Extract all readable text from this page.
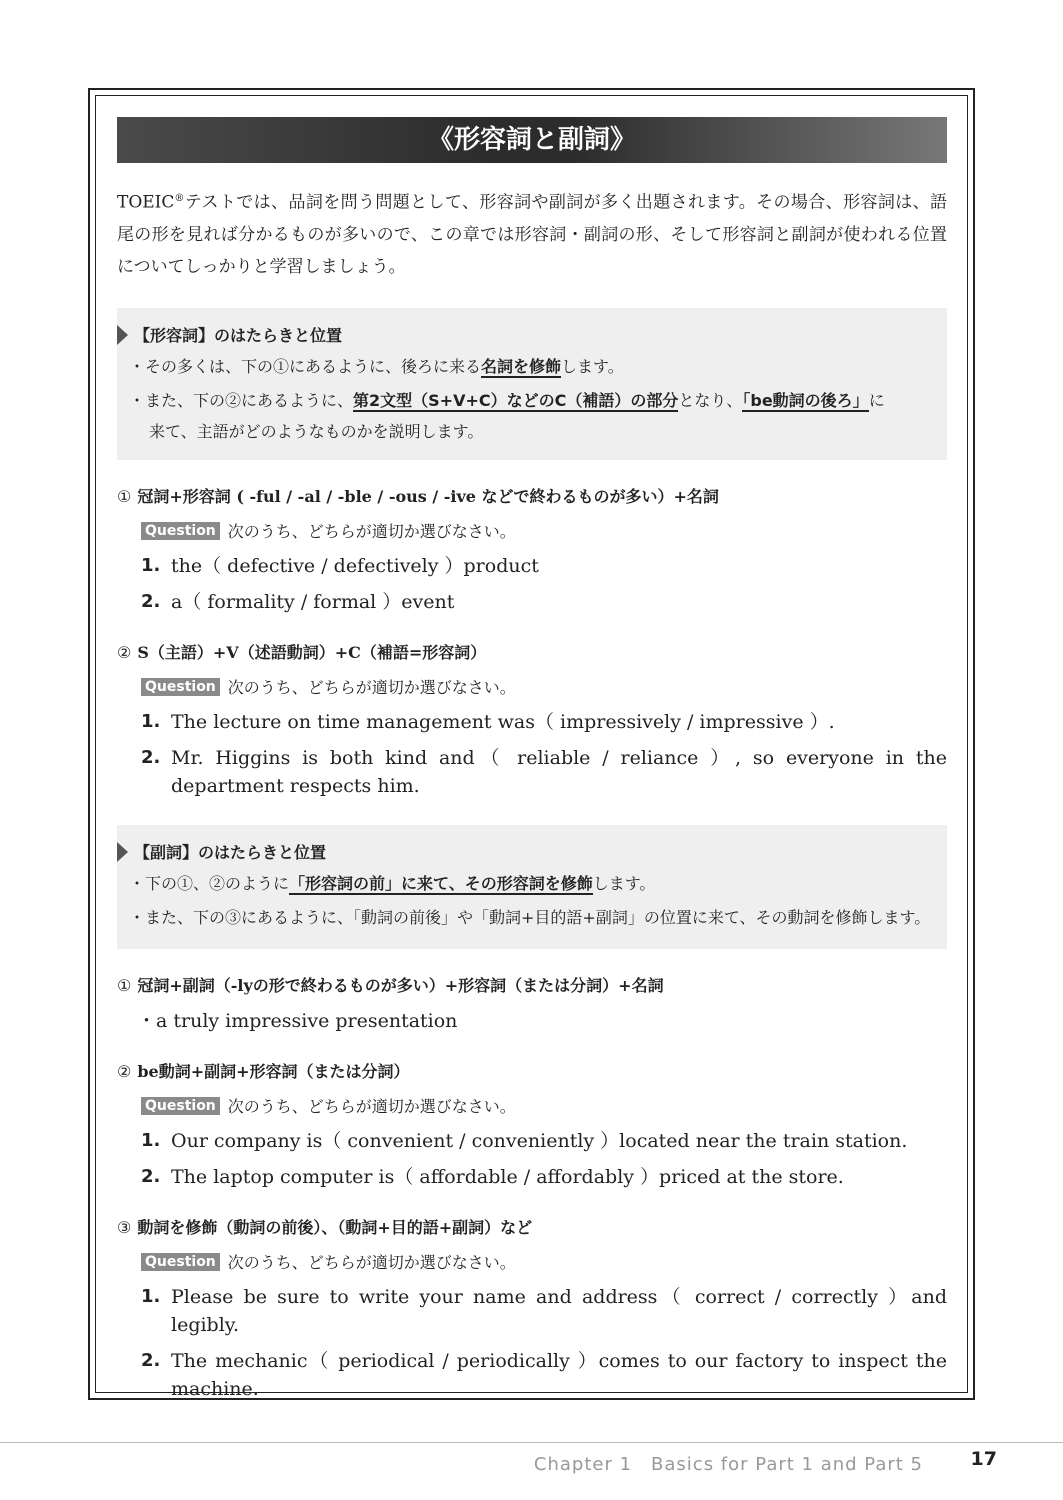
《形容詞と副詞》
TOEIC®テストでは、品詞を問う問題として、形容詞や副詞が多く出題されます。その場合、形容詞は、語尾の形を見れば分かるものが多いので、この章では形容詞・副詞の形、そして形容詞と副詞が使われる位置についてしっかりと学習しましょう。
【形容詞】のはたらきと位置
・その多くは、下の①にあるように、後ろに来る名詞を修飾します。
・また、下の②にあるように、第2文型（S+V+C）などのC（補語）の部分となり、「be動詞の後ろ」に
来て、主語がどのようなものかを説明します。
① 冠詞+形容詞 ( -ful / -al / -ble / -ous / -ive などで終わるものが多い）+名詞
Question 次のうち、どちらが適切か選びなさい。
1. the（ defective / defectively ）product
2. a（ formality / formal ）event
② S（主語）+V（述語動詞）+C（補語=形容詞）
Question 次のうち、どちらが適切か選びなさい。
1. The lecture on time management was（ impressively / impressive ）.
2. Mr. Higgins is both kind and（ reliable / reliance ）, so everyone in the department respects him.
【副詞】のはたらきと位置
・下の①、②のように「形容詞の前」に来て、その形容詞を修飾します。
・また、下の③にあるように、「動詞の前後」や「動詞+目的語+副詞」の位置に来て、その動詞を修飾します。
① 冠詞+副詞（-lyの形で終わるものが多い）+形容詞（または分詞）+名詞
・a truly impressive presentation
② be動詞+副詞+形容詞（または分詞）
Question 次のうち、どちらが適切か選びなさい。
1. Our company is（ convenient / conveniently ）located near the train station.
2. The laptop computer is（ affordable / affordably ）priced at the store.
③ 動詞を修飾（動詞の前後）、（動詞+目的語+副詞）など
Question 次のうち、どちらが適切か選びなさい。
1. Please be sure to write your name and address（ correct / correctly ）and legibly.
2. The mechanic（ periodical / periodically ）comes to our factory to inspect the machine.
Chapter 1　Basics for Part 1 and Part 5	17
